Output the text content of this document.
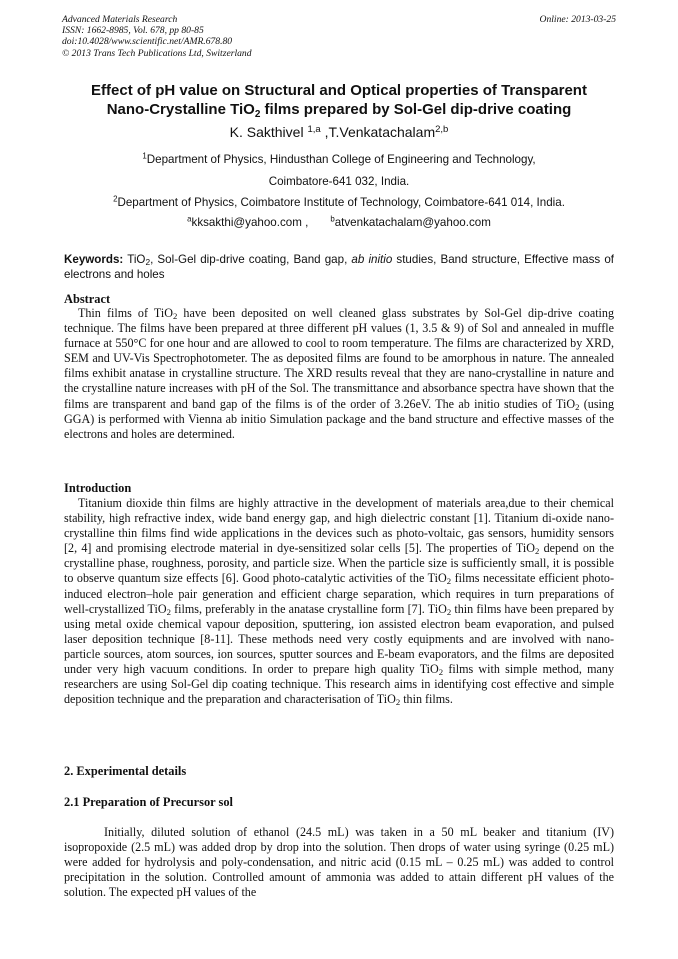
Advanced Materials Research
ISSN: 1662-8985, Vol. 678, pp 80-85
doi:10.4028/www.scientific.net/AMR.678.80
© 2013 Trans Tech Publications Ltd, Switzerland
Online: 2013-03-25
Effect of pH value on Structural and Optical properties of Transparent
Nano-Crystalline TiO$_2$ films prepared by Sol-Gel dip-drive coating
K. Sakthivel $^{1,a}$ ,T.Venkatachalam$^{2,b}$
$^1$Department of Physics, Hindusthan College of Engineering and Technology,
Coimbatore-641 032, India.
$^2$Department of Physics, Coimbatore Institute of Technology, Coimbatore-641 014, India.
$^a$kksakthi@yahoo.com ,	$^b$atvenkatachalam@yahoo.com
Keywords: TiO$_2$, Sol-Gel dip-drive coating, Band gap, ab initio studies, Band structure, Effective mass of electrons and holes
Abstract

Thin films of TiO$_2$ have been deposited on well cleaned glass substrates by Sol-Gel dip-drive coating technique. The films have been prepared at three different pH values (1, 3.5 & 9) of Sol and annealed in muffle furnace at 550°C for one hour and are allowed to cool to room temperature. The films are characterized by XRD, SEM and UV-Vis Spectrophotometer. The as deposited films are found to be amorphous in nature. The annealed films exhibit anatase in crystalline structure. The XRD results reveal that they are nano-crystalline in nature and the crystalline nature increases with pH of the Sol. The transmittance and absorbance spectra have shown that the films are transparent and band gap of the films is of the order of 3.26eV. The ab initio studies of TiO$_2$ (using GGA) is performed with Vienna ab initio Simulation package and the band structure and effective masses of the electrons and holes are determined.

Introduction

Titanium dioxide thin films are highly attractive in the development of materials area,due to their chemical stability, high refractive index, wide band energy gap, and high dielectric constant [1]. Titanium di-oxide nano-crystalline thin films find wide applications in the devices such as photo-voltaic, gas sensors, humidity sensors [2, 4] and promising electrode material in dye-sensitized solar cells [5]. The properties of TiO$_2$ depend on the crystalline phase, roughness, porosity, and particle size. When the particle size is sufficiently small, it is possible to observe quantum size effects [6]. Good photo-catalytic activities of the TiO$_2$ films necessitate efficient photo-induced electron–hole pair generation and efficient charge separation, which requires in turn preparations of well-crystallized TiO$_2$ films, preferably in the anatase crystalline form [7]. TiO$_2$ thin films have been prepared by using metal oxide chemical vapour deposition, sputtering, ion assisted electron beam evaporation, and pulsed laser deposition technique [8-11]. These methods need very costly equipments and are involved with nano-particle sources, atom sources, ion sources, sputter sources and E-beam evaporators, and the films are deposited under very high vacuum conditions. In order to prepare high quality TiO$_2$ films with simple method, many researchers are using Sol-Gel dip coating technique. This research aims in identifying cost effective and simple deposition technique and the preparation and characterisation of TiO$_2$ thin films.

2. Experimental details
2.1 Preparation of Precursor sol

Initially, diluted solution of ethanol (24.5 mL) was taken in a 50 mL beaker and titanium (IV) isopropoxide (2.5 mL) was added drop by drop into the solution. Then drops of water using syringe (0.25 mL) were added for hydrolysis and poly-condensation, and nitric acid (0.15 mL – 0.25 mL) was added to control precipitation in the solution. Controlled amount of ammonia was added to attain different pH values of the solution. The expected pH values of the
